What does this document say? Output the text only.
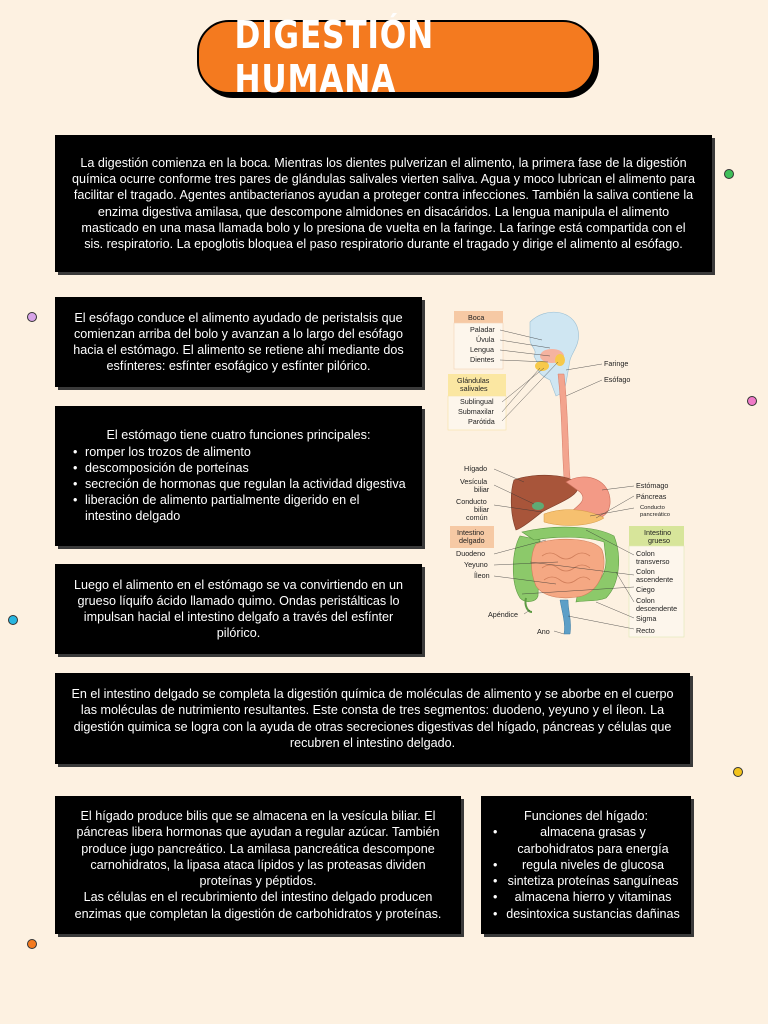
DIGESTIÓN HUMANA

La digestión comienza en la boca. Mientras los dientes pulverizan el alimento, la primera fase de la digestión química ocurre conforme tres pares de glándulas salivales vierten saliva. Agua y moco lubrican el alimento para facilitar el tragado. Agentes antibacterianos ayudan a proteger contra infecciones. También la saliva contiene la enzima digestiva amilasa, que descompone almidones en disacáridos. La lengua manipula el alimento masticado en una masa llamada bolo y lo presiona de vuelta en la faringe. La faringe está compartida con el sis. respiratorio. La epoglotis bloquea el paso respiratorio durante el tragado y dirige el alimento al esófago.

El esófago conduce el alimento ayudado de peristalsis que comienzan arriba del bolo y avanzan a lo largo del esófago hacia el estómago. El alimento se retiene ahí mediante dos esfínteres: esfínter esofágico y esfínter pilórico.

El estómago tiene cuatro funciones principales:

• romper los trozos de alimento
• descomposición de porteínas
• secreción de hormonas que regulan la actividad digestiva
• liberación de alimento partialmente digerido en el intestino delgado

Luego el alimento en el estómago se va convirtiendo en un grueso líquifo ácido llamado quimo. Ondas peristálticas lo impulsan hacial el intestino delgafo a través del esfínter pilórico.

En el intestino delgado se completa la digestión química de moléculas de alimento y se aborbe en el cuerpo las moléculas de nutrimiento resultantes. Este consta de tres segmentos: duodeno, yeyuno y el íleon. La digestión quimica se logra con la ayuda de otras secreciones digestivas del hígado, páncreas y células que recubren el intestino delgado.

El hígado produce bilis que se almacena en la vesícula biliar. El páncreas libera hormonas que ayudan a regular azúcar. También produce jugo pancreático. La amilasa pancreática descompone carnohidratos, la lipasa ataca lípidos y las proteasas dividen proteínas y péptidos.

Las células en el recubrimiento del intestino delgado producen enzimas que completan la digestión de carbohidratos y proteínas.

Funciones del hígado:

• almacena grasas y carbohidratos para energía
• regula niveles de glucosa
• sintetiza proteínas sanguíneas
• almacena hierro y vitaminas
• desintoxica sustancias dañinas
Boca
Paladar
Úvula
Lengua
Dientes
Glándulas
salivales
Sublingual
Submaxilar
Parótida
Faringe
Esófago
Hígado
Vesícula
biliar
Conducto
biliar
común
Estómago
Páncreas
Conducto
pancreático
Intestino
delgado
Duodeno
Yeyuno
Íleon
Intestino
grueso
Colon
transverso
Colon
ascendente
Ciego
Colon
descendente
Sigma
Recto
Apéndice
Ano
